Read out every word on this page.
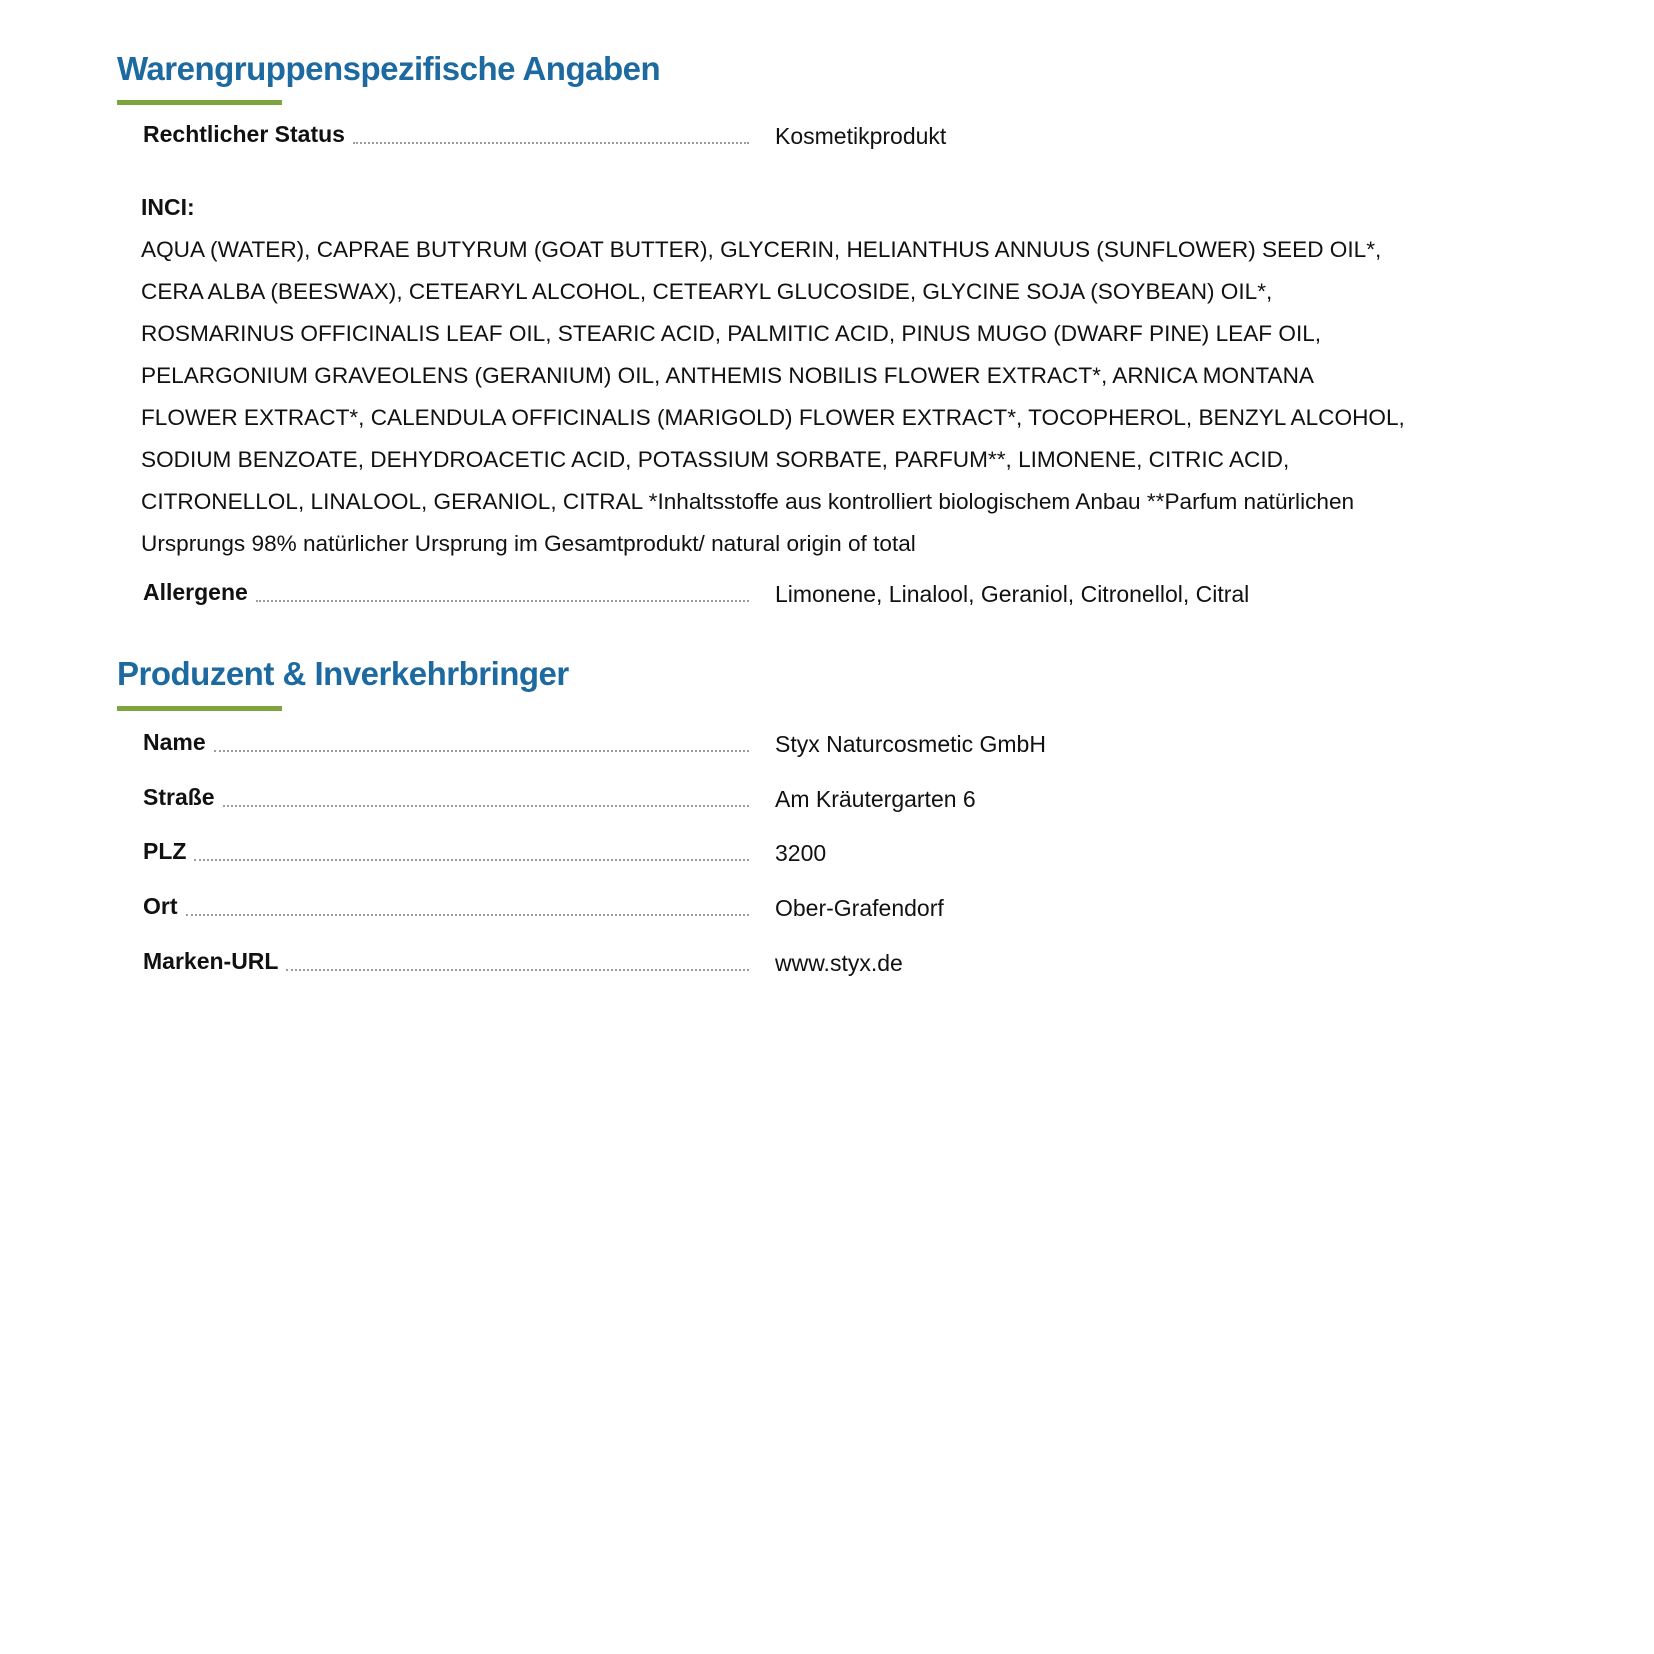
Warengruppenspezifische Angaben
Rechtlicher Status	Kosmetikprodukt
INCI:

AQUA (WATER), CAPRAE BUTYRUM (GOAT BUTTER), GLYCERIN, HELIANTHUS ANNUUS (SUNFLOWER) SEED OIL*, CERA ALBA (BEESWAX), CETEARYL ALCOHOL, CETEARYL GLUCOSIDE, GLYCINE SOJA (SOYBEAN) OIL*, ROSMARINUS OFFICINALIS LEAF OIL, STEARIC ACID, PALMITIC ACID, PINUS MUGO (DWARF PINE) LEAF OIL, PELARGONIUM GRAVEOLENS (GERANIUM) OIL, ANTHEMIS NOBILIS FLOWER EXTRACT*, ARNICA MONTANA FLOWER EXTRACT*, CALENDULA OFFICINALIS (MARIGOLD) FLOWER EXTRACT*, TOCOPHEROL, BENZYL ALCOHOL, SODIUM BENZOATE, DEHYDROACETIC ACID, POTASSIUM SORBATE, PARFUM**, LIMONENE, CITRIC ACID, CITRONELLOL, LINALOOL, GERANIOL, CITRAL *Inhaltsstoffe aus kontrolliert biologischem Anbau **Parfum natürlichen Ursprungs 98% natürlicher Ursprung im Gesamtprodukt/ natural origin of total

Allergene	Limonene, Linalool, Geraniol, Citronellol, Citral
Produzent & Inverkehrbringer
Name	Styx Naturcosmetic GmbH
Straße	Am Kräutergarten 6
PLZ	3200
Ort	Ober-Grafendorf
Marken-URL	www.styx.de
